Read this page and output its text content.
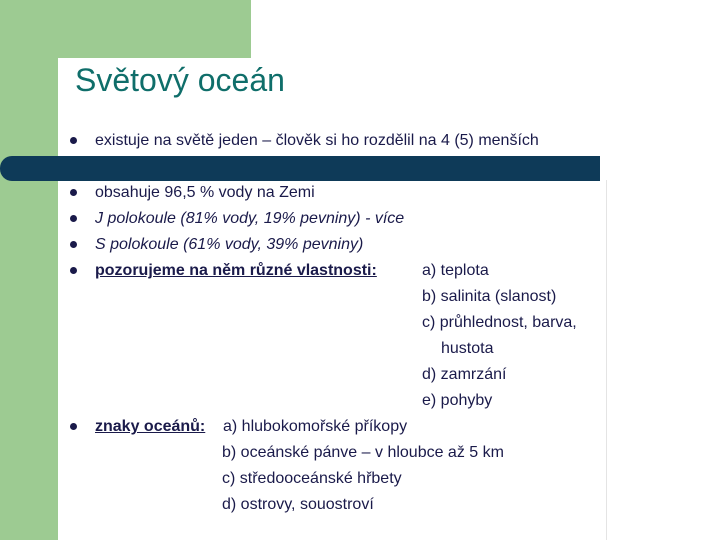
Světový oceán
existuje na světě jeden – člověk si ho rozdělil na 4 (5) menších
obsahuje 96,5 % vody na Zemi
J polokoule (81% vody, 19% pevniny) - více
S polokoule (61% vody, 39% pevniny)
pozorujeme na něm různé vlastnosti:	a) teplota
b) salinita (slanost)
c) průhlednost, barva,
hustota
d) zamrzání
e) pohyby
znaky oceánů: a) hlubokomořské příkopy
b) oceánské pánve – v hloubce až 5 km
c) středooceánské hřbety
d) ostrovy, souostroví
